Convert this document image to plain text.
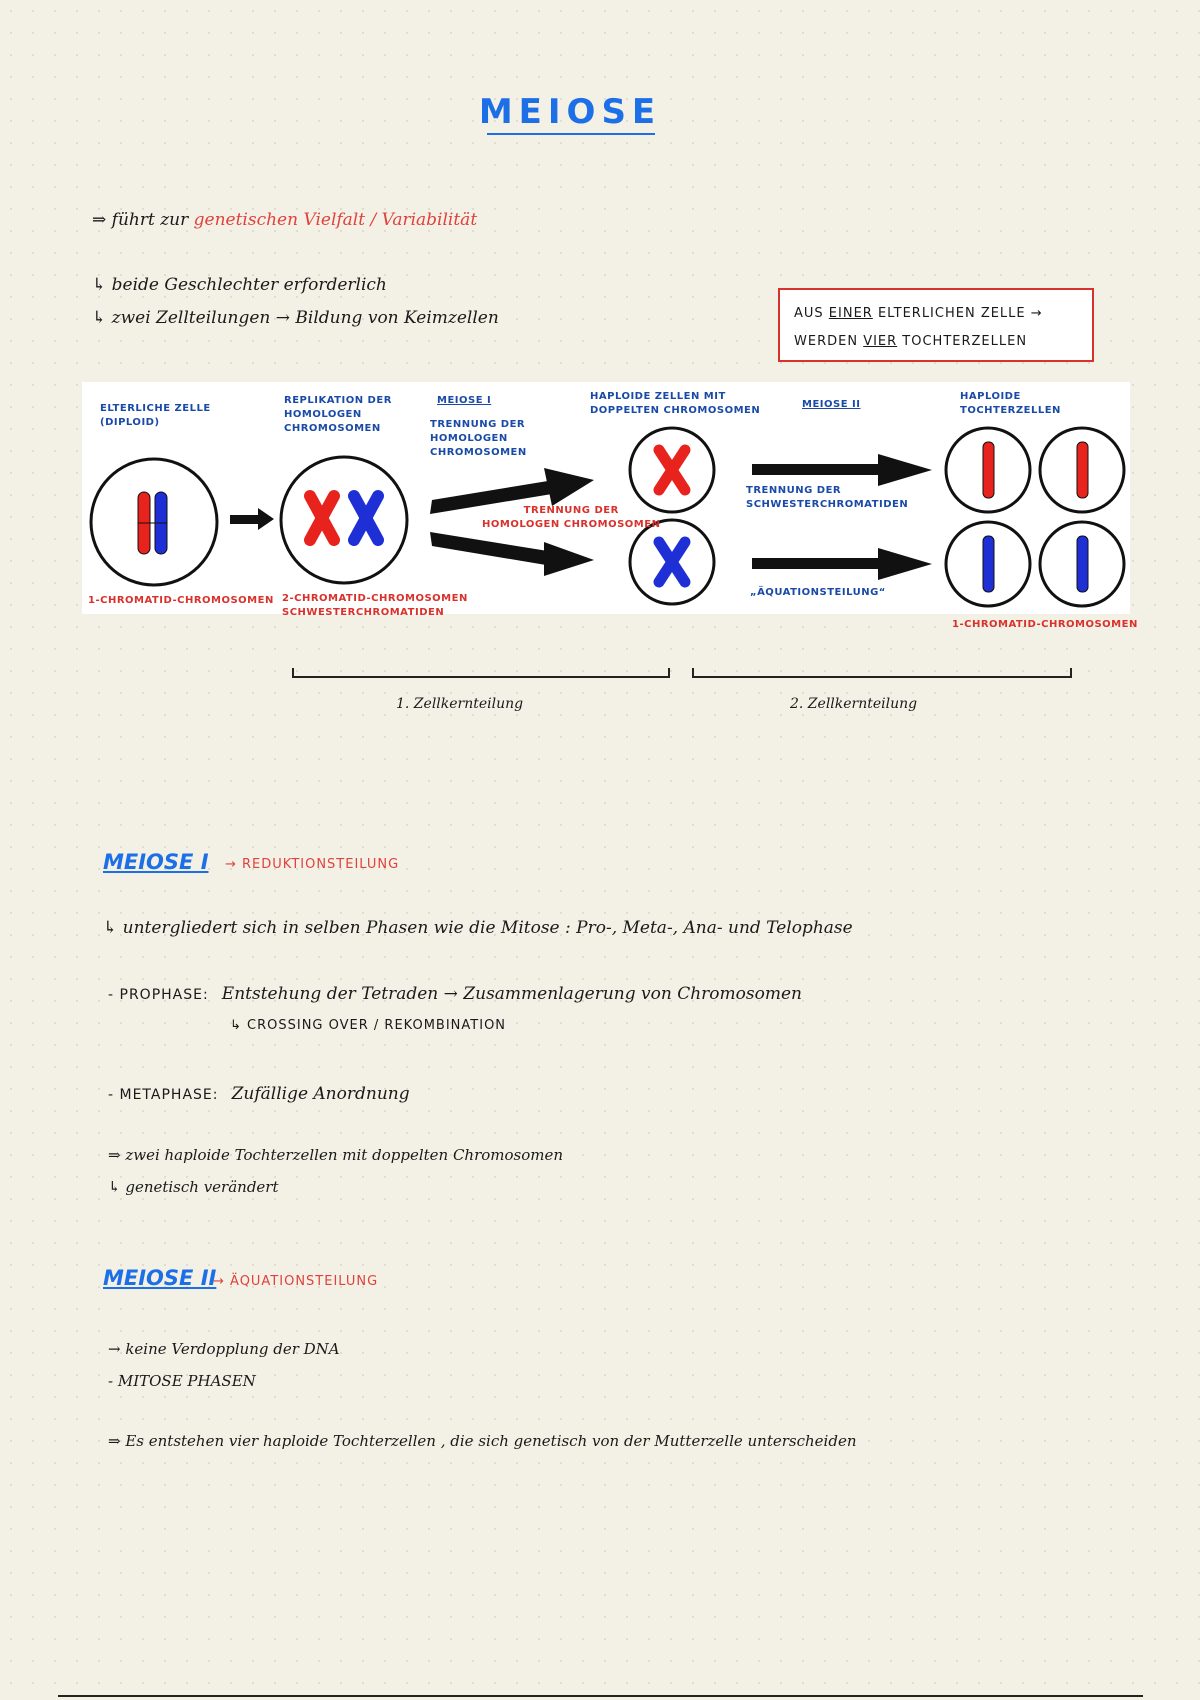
MEIOSE
⇒ führt zur genetischen Vielfalt / Variabilität
↳ beide Geschlechter erforderlich
↳ zwei Zellteilungen → Bildung von Keimzellen	AUS EINER ELTERLICHEN ZELLE →
WERDEN VIER TOCHTERZELLEN
ELTERLICHE ZELLE
(DIPLOID)
REPLIKATION DER
HOMOLOGEN
CHROMOSOMEN
MEIOSE I
TRENNUNG DER
HOMOLOGEN
CHROMOSOMEN
HAPLOIDE ZELLEN MIT
DOPPELTEN CHROMOSOMEN
MEIOSE II
HAPLOIDE
TOCHTERZELLEN
TRENNUNG DER
HOMOLOGEN CHROMOSOMEN
TRENNUNG DER
SCHWESTERCHROMATIDEN
„ÄQUATIONSTEILUNG“
1-CHROMATID-CHROMOSOMEN 2-CHROMATID-CHROMOSOMEN
SCHWESTERCHROMATIDEN
1-CHROMATID-CHROMOSOMEN
1. Zellkernteilung	2. Zellkernteilung
MEIOSE I → REDUKTIONSTEILUNG
↳ untergliedert sich in selben Phasen wie die Mitose : Pro-, Meta-, Ana- und Telophase
- PROPHASE: Entstehung der Tetraden → Zusammenlagerung von Chromosomen
↳ CROSSING OVER / REKOMBINATION
- METAPHASE: Zufällige Anordnung
⇒ zwei haploide Tochterzellen mit doppelten Chromosomen
↳ genetisch verändert
MEIOSE II
→ ÄQUATIONSTEILUNG
→ keine Verdopplung der DNA
- MITOSE PHASEN
⇒ Es entstehen vier haploide Tochterzellen , die sich genetisch von der Mutterzelle unterscheiden
